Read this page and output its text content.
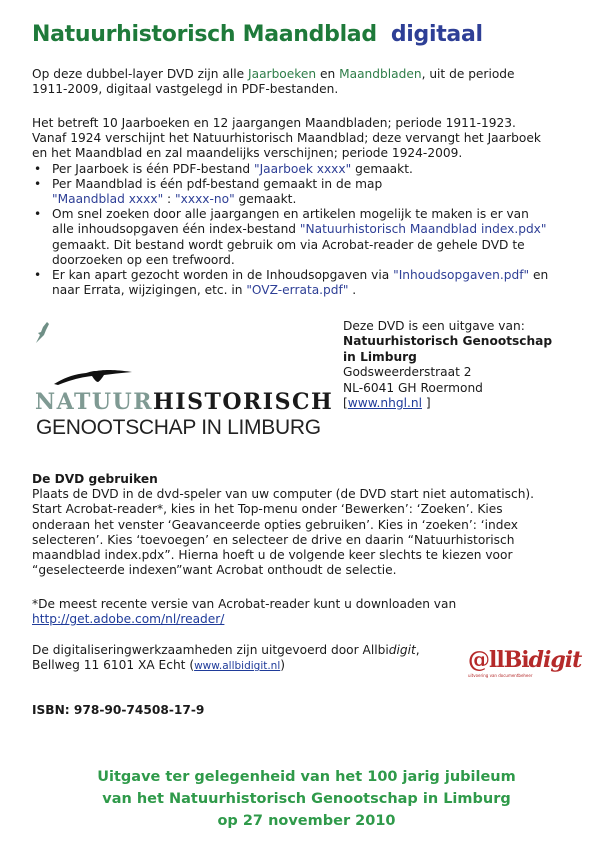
Natuurhistorisch Maandblad digitaal
Op deze dubbel-layer DVD zijn alle Jaarboeken en Maandbladen, uit de periode
1911-2009, digitaal vastgelegd in PDF-bestanden.
Het betreft 10 Jaarboeken en 12 jaargangen Maandbladen; periode 1911-1923.
Vanaf 1924 verschijnt het Natuurhistorisch Maandblad; deze vervangt het Jaarboek
en het Maandblad en zal maandelijks verschijnen; periode 1924-2009.
• Per Jaarboek is één PDF-bestand "Jaarboek xxxx" gemaakt.
• Per Maandblad is één pdf-bestand gemaakt in de map
"Maandblad xxxx" : "xxxx-no" gemaakt.
• Om snel zoeken door alle jaargangen en artikelen mogelijk te maken is er van
alle inhoudsopgaven één index-bestand "Natuurhistorisch Maandblad index.pdx"
gemaakt. Dit bestand wordt gebruik om via Acrobat-reader de gehele DVD te
doorzoeken op een trefwoord.
• Er kan apart gezocht worden in de Inhoudsopgaven via "Inhoudsopgaven.pdf" en
naar Errata, wijzigingen, etc. in "OVZ-errata.pdf" .
NATUURHISTORISCH
GENOOTSCHAP IN LIMBURG
Deze DVD is een uitgave van:
Natuurhistorisch Genootschap
in Limburg
Godsweerderstraat 2
NL-6041 GH Roermond
[www.nhgl.nl ]
De DVD gebruiken
Plaats de DVD in de dvd-speler van uw computer (de DVD start niet automatisch).
Start Acrobat-reader*, kies in het Top-menu onder ‘Bewerken’: ‘Zoeken’. Kies
onderaan het venster ‘Geavanceerde opties gebruiken’. Kies in ‘zoeken’: ‘index
selecteren’. Kies ‘toevoegen’ en selecteer de drive en daarin “Natuurhistorisch
maandblad index.pdx”. Hierna hoeft u de volgende keer slechts te kiezen voor
“geselecteerde indexen”want Acrobat onthoudt de selectie.
*De meest recente versie van Acrobat-reader kunt u downloaden van
http://get.adobe.com/nl/reader/
De digitaliseringwerkzaamheden zijn uitgevoerd door Allbidigit,
Bellweg 11 6101 XA Echt (www.allbidigit.nl)	@llBidigit
uitvoering van documentbeheer
ISBN: 978-90-74508-17-9
Uitgave ter gelegenheid van het 100 jarig jubileum
van het Natuurhistorisch Genootschap in Limburg
op 27 november 2010
